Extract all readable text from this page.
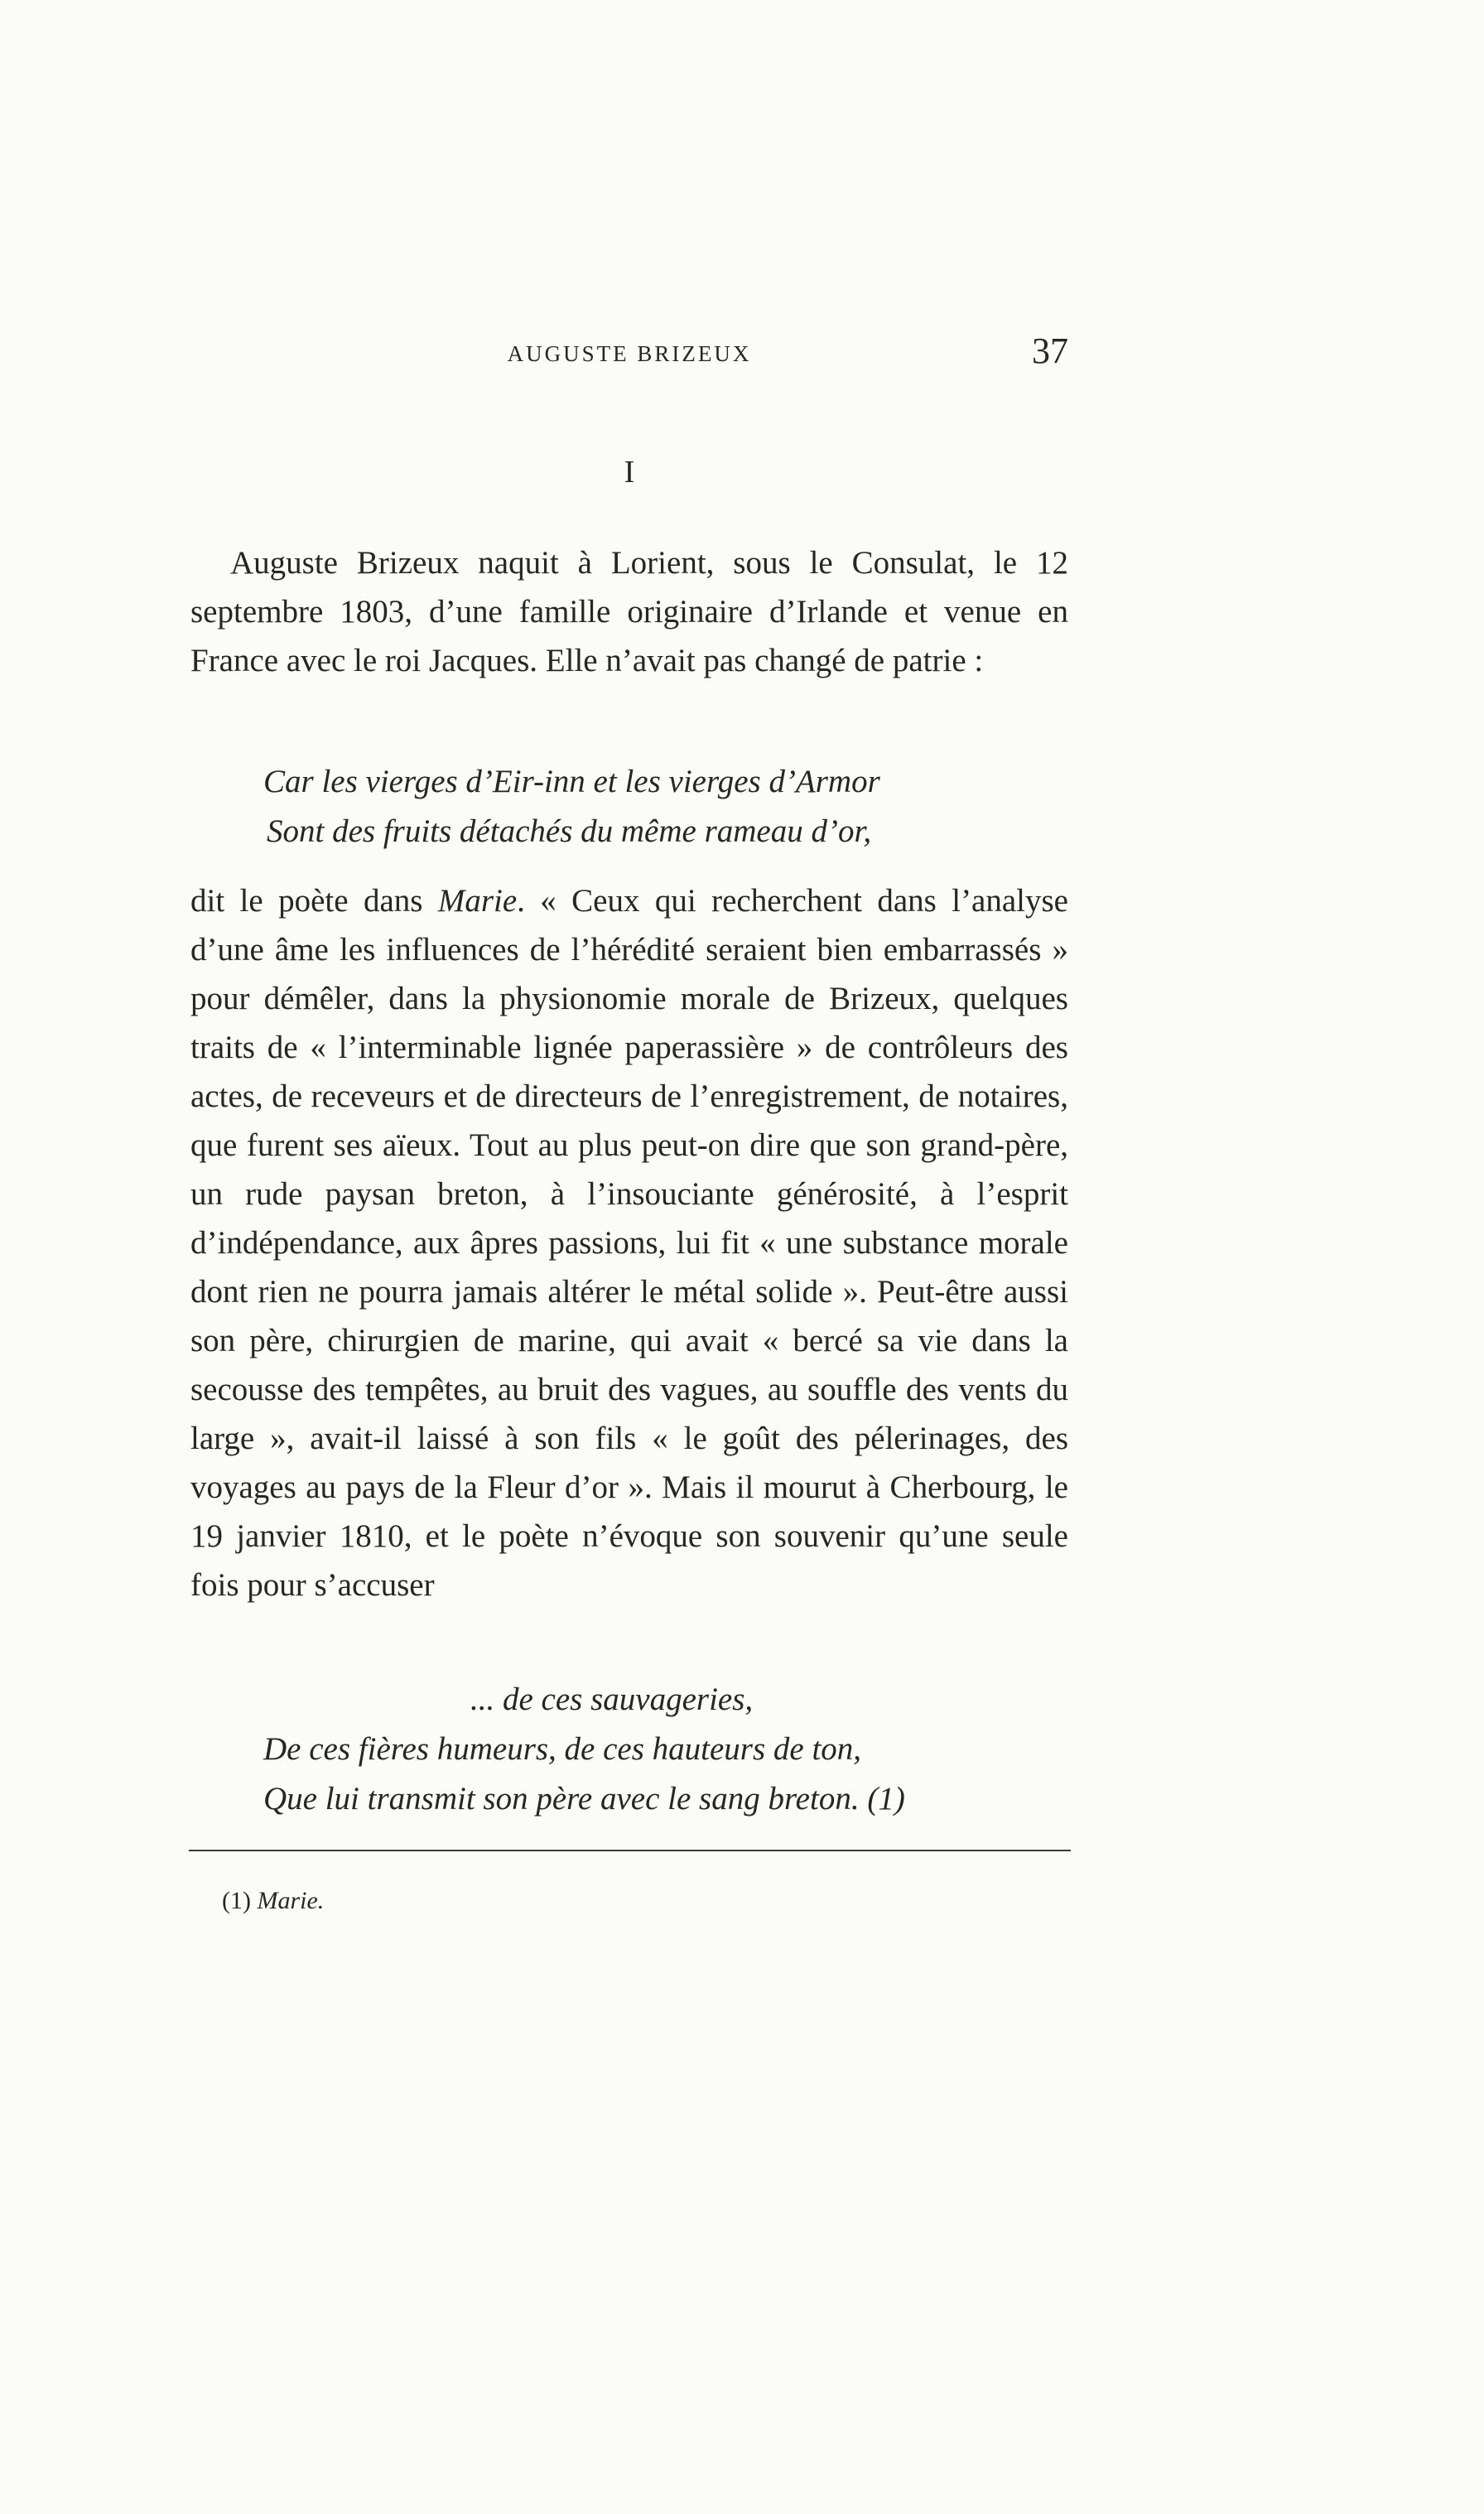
AUGUSTE BRIZEUX	37
I

Auguste Brizeux naquit à Lorient, sous le Consulat, le 12 septembre 1803, d’une famille originaire d’Irlande et venue en France avec le roi Jacques. Elle n’avait pas changé de patrie :

Car les vierges d’Eir-inn et les vierges d’Armor
Sont des fruits détachés du même rameau d’or,

dit le poète dans Marie. « Ceux qui recherchent dans l’analyse d’une âme les influences de l’hérédité seraient bien embarrassés » pour démêler, dans la physionomie morale de Brizeux, quelques traits de « l’interminable lignée paperassière » de contrôleurs des actes, de receveurs et de directeurs de l’enregistrement, de notaires, que furent ses aïeux. Tout au plus peut-on dire que son grand-père, un rude paysan breton, à l’insouciante générosité, à l’esprit d’indépendance, aux âpres passions, lui fit « une substance morale dont rien ne pourra jamais altérer le métal solide ». Peut-être aussi son père, chirurgien de marine, qui avait « bercé sa vie dans la secousse des tempêtes, au bruit des vagues, au souffle des vents du large », avait-il laissé à son fils « le goût des pélerinages, des voyages au pays de la Fleur d’or ». Mais il mourut à Cherbourg, le 19 janvier 1810, et le poète n’évoque son souvenir qu’une seule fois pour s’accuser

... de ces sauvageries,
De ces fières humeurs, de ces hauteurs de ton,
Que lui transmit son père avec le sang breton. (1)
(1) Marie.
